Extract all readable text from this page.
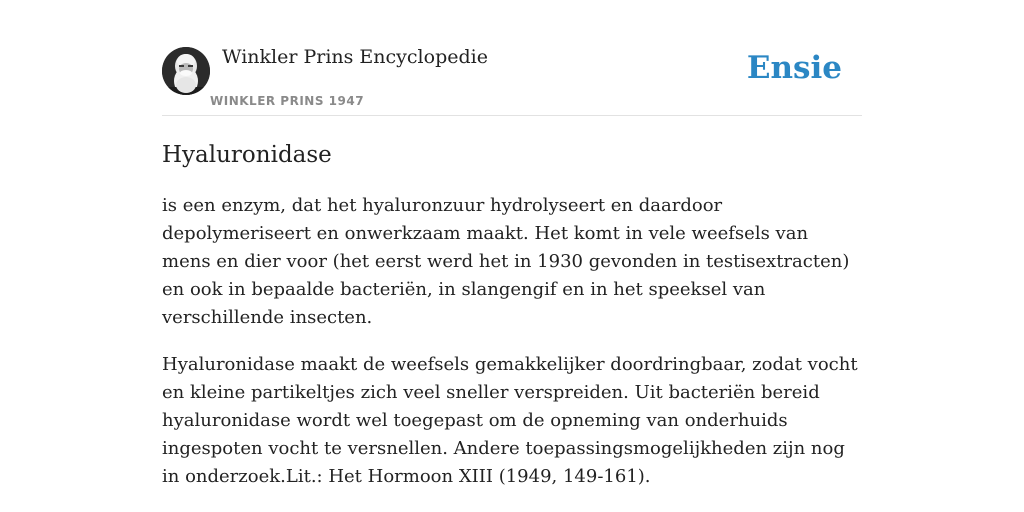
Winkler Prins Encyclopedie
WINKLER PRINS 1947
Ensie
Hyaluronidase

is een enzym, dat het hyaluronzuur hydrolyseert en daardoor depolymeriseert en onwerkzaam maakt. Het komt in vele weefsels van mens en dier voor (het eerst werd het in 1930 gevonden in testisextracten) en ook in bepaalde bacteriën, in slangengif en in het speeksel van verschillende insecten.

Hyaluronidase maakt de weefsels gemakkelijker doordringbaar, zodat vocht en kleine partikeltjes zich veel sneller verspreiden. Uit bacteriën bereid hyaluronidase wordt wel toegepast om de opneming van onderhuids ingespoten vocht te versnellen. Andere toepassingsmogelijkheden zijn nog in onderzoek.Lit.: Het Hormoon XIII (1949, 149-161).
